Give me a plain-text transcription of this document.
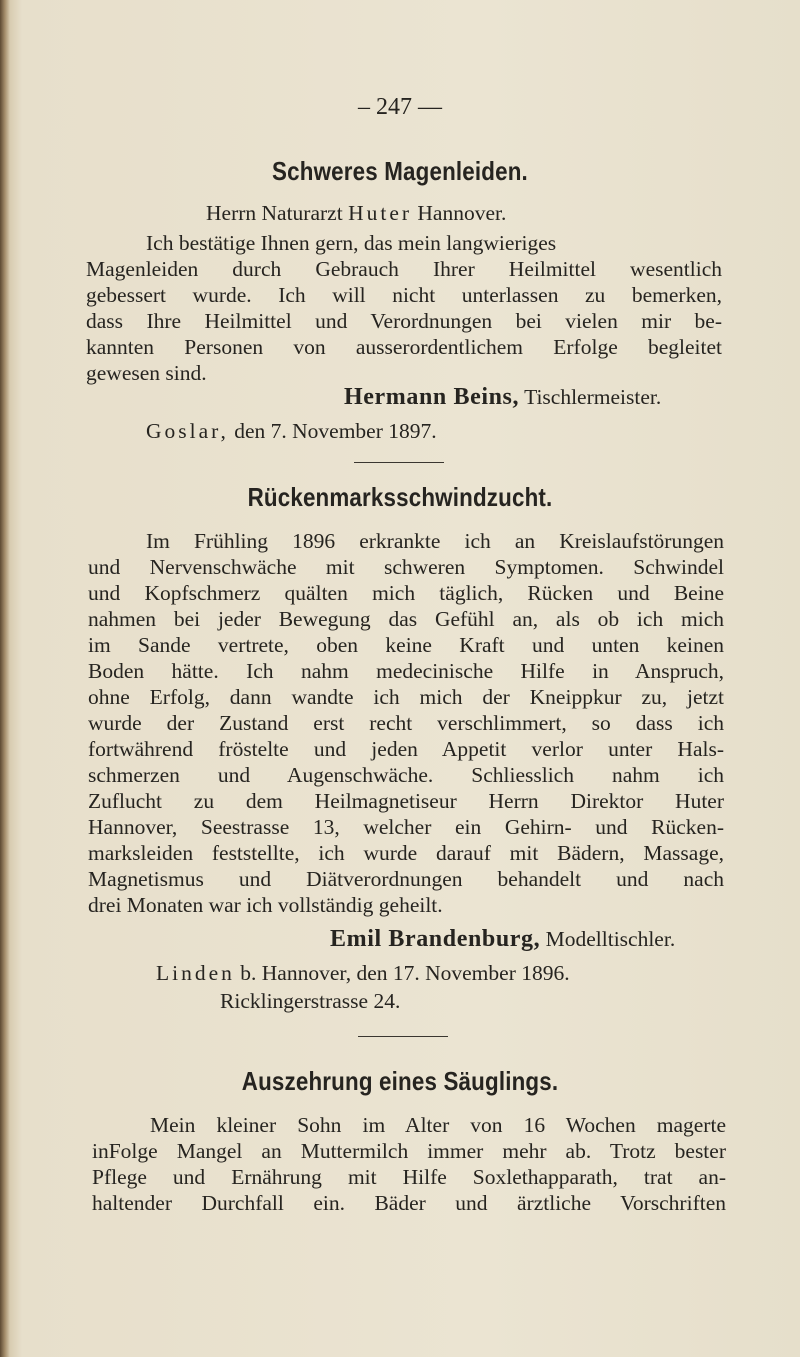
– 247 —
Schweres Magenleiden.
Herrn Naturarzt Huter Hannover.
Ich bestätige Ihnen gern, das mein langwieriges
Magenleiden durch Gebrauch Ihrer Heilmittel wesentlich
gebessert wurde. Ich will nicht unterlassen zu bemerken,
dass Ihre Heilmittel und Verordnungen bei vielen mir be-
kannten Personen von ausserordentlichem Erfolge begleitet
gewesen sind.
Hermann Beins, Tischlermeister.
Goslar, den 7. November 1897.
Rückenmarksschwindzucht.
Im Frühling 1896 erkrankte ich an Kreislaufstörungen
und Nervenschwäche mit schweren Symptomen. Schwindel
und Kopfschmerz quälten mich täglich, Rücken und Beine
nahmen bei jeder Bewegung das Gefühl an, als ob ich mich
im Sande vertrete, oben keine Kraft und unten keinen
Boden hätte. Ich nahm medecinische Hilfe in Anspruch,
ohne Erfolg, dann wandte ich mich der Kneippkur zu, jetzt
wurde der Zustand erst recht verschlimmert, so dass ich
fortwährend fröstelte und jeden Appetit verlor unter Hals-
schmerzen und Augenschwäche. Schliesslich nahm ich
Zuflucht zu dem Heilmagnetiseur Herrn Direktor Huter
Hannover, Seestrasse 13, welcher ein Gehirn- und Rücken-
marksleiden feststellte, ich wurde darauf mit Bädern, Massage,
Magnetismus und Diätverordnungen behandelt und nach
drei Monaten war ich vollständig geheilt.
Emil Brandenburg, Modelltischler.
Linden b. Hannover, den 17. November 1896.
Ricklingerstrasse 24.
Auszehrung eines Säuglings.
Mein kleiner Sohn im Alter von 16 Wochen magerte
inFolge Mangel an Muttermilch immer mehr ab. Trotz bester
Pflege und Ernährung mit Hilfe Soxlethapparath, trat an-
haltender Durchfall ein. Bäder und ärztliche Vorschriften
